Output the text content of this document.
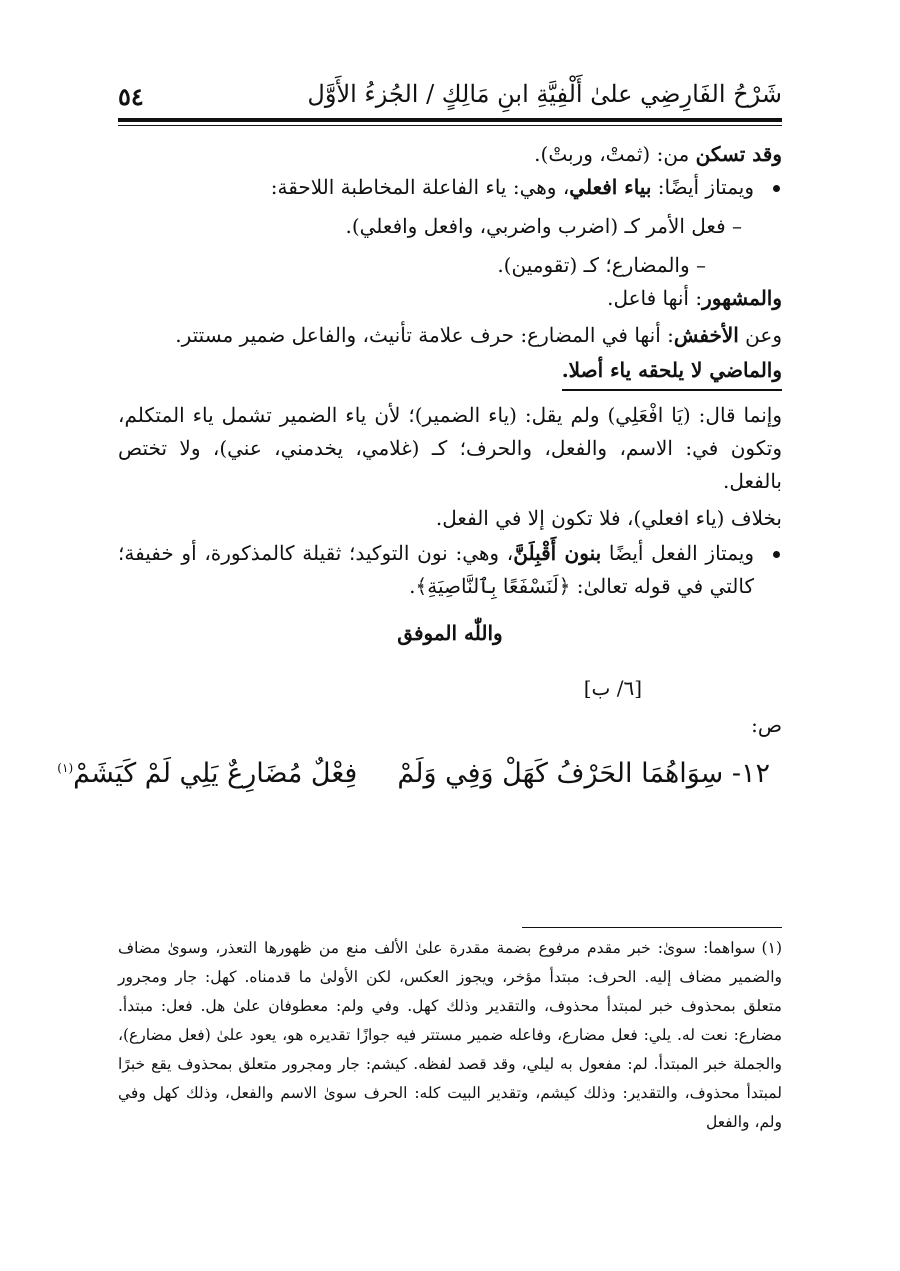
٥٤	شَرْحُ الفَارِضِي علىٰ أَلْفِيَّةِ ابنِ مَالِكٍ / الجُزءُ الأَوَّل

وقد تسكن من: (ثمتْ، وربتْ).

ويمتاز أيضًا: بياء افعلي، وهي: ياء الفاعلة المخاطبة اللاحقة:

– فعل الأمر كـ (اضرب واضربي، وافعل وافعلي).

– والمضارع؛ كـ (تقومين).

والمشهور: أنها فاعل.

وعن الأخفش: أنها في المضارع: حرف علامة تأنيث، والفاعل ضمير مستتر.

والماضي لا يلحقه ياء أصلا.

وإنما قال: (يَا افْعَلِي) ولم يقل: (ياء الضمير)؛ لأن ياء الضمير تشمل ياء المتكلم، وتكون في: الاسم، والفعل، والحرف؛ كـ (غلامي، يخدمني، عني)، ولا تختص بالفعل.

بخلاف (ياء افعلي)، فلا تكون إلا في الفعل.

ويمتاز الفعل أيضًا بنون أَقْبِلَنَّ، وهي: نون التوكيد؛ ثقيلة كالمذكورة، أو خفيفة؛ كالتي في قوله تعالىٰ: ﴿لَنَسْفَعًا بِٱلنَّاصِيَةِ﴾.

واللّٰه الموفق

[٦/ ب]

ص:

١٢- سِوَاهُمَا الحَرْفُ كَهَلْ وَفِي وَلَمْفِعْلٌ مُضَارِعٌ يَلِي لَمْ كَيَشَمْ$^{(١)}$

(١)سواهما: سوىٰ: خبر مقدم مرفوع بضمة مقدرة علىٰ الألف منع من ظهورها التعذر، وسوىٰ مضاف والضمير مضاف إليه. الحرف: مبتدأ مؤخر، ويجوز العكس، لكن الأولىٰ ما قدمناه. كهل: جار ومجرور متعلق بمحذوف خبر لمبتدأ محذوف، والتقدير وذلك كهل. وفي ولم: معطوفان علىٰ هل. فعل: مبتدأ. مضارع: نعت له. يلي: فعل مضارع، وفاعله ضمير مستتر فيه جوازًا تقديره هو، يعود علىٰ (فعل مضارع)، والجملة خبر المبتدأ. لم: مفعول به ليلي، وقد قصد لفظه. كيشم: جار ومجرور متعلق بمحذوف يقع خبرًا لمبتدأ محذوف، والتقدير: وذلك كيشم، وتقدير البيت كله: الحرف سوىٰ الاسم والفعل، وذلك كهل وفي ولم، والفعل
